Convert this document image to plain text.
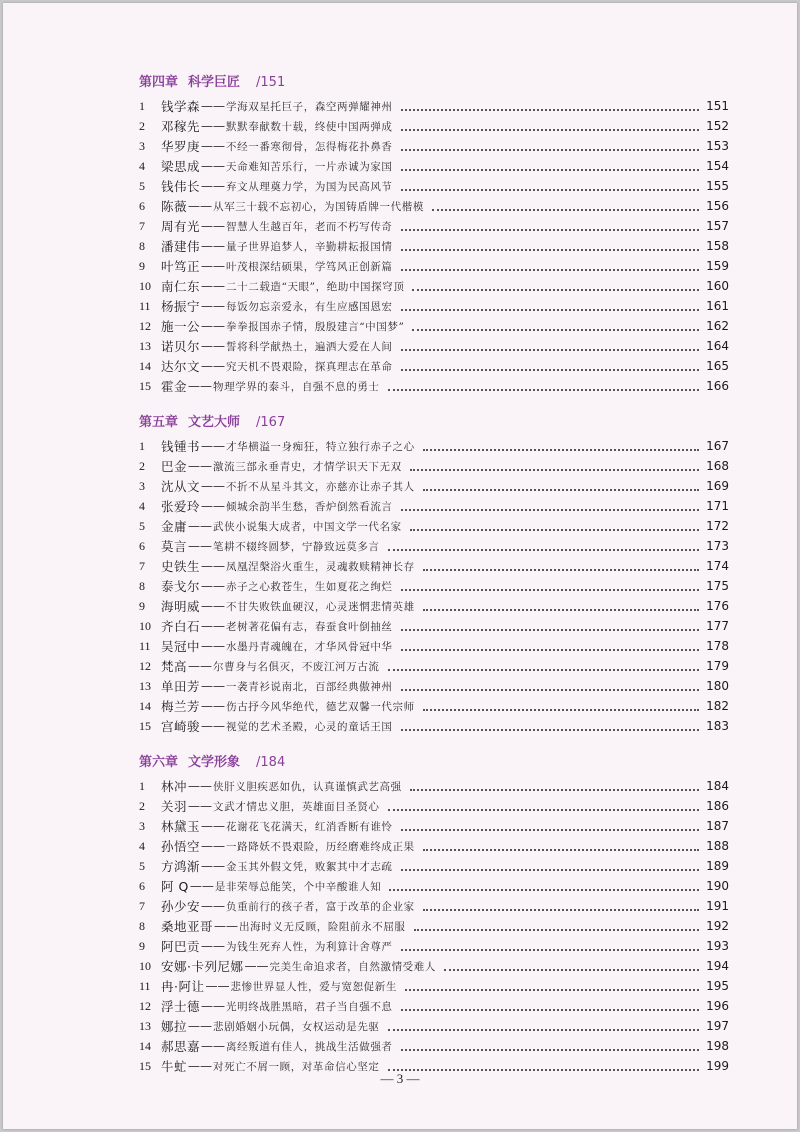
第四章 科学巨匠 /151
1	钱学森 —— 学海双星托巨子，森空两弹耀神州	151
2	邓稼先 —— 默默奉献数十载，终使中国两弹成	152
3	华罗庚 —— 不经一番寒彻骨，怎得梅花扑鼻香	153
4	梁思成 —— 天命难知苦乐行，一片赤诚为家国	154
5	钱伟长 —— 弃文从理奠力学，为国为民高风节	155
6	陈薇 —— 从军三十载不忘初心，为国铸盾牌一代楷模	156
7	周有光 —— 智慧人生越百年，老而不朽写传奇	157
8	潘建伟 —— 量子世界追梦人，辛勤耕耘报国情	158
9	叶笃正 —— 叶茂根深结硕果，学笃风正创新篇	159
10 南仁东 —— 二十二载造“天眼”，绝助中国探穹顶	160
11 杨振宁 —— 每饭勿忘亲爱永，有生应感国恩宏	161
12 施一公 —— 拳拳报国赤子情，殷殷建言“中国梦”	162
13 诺贝尔 —— 誓将科学献热土，遍洒大爱在人间	164
14 达尔文 —— 究天机不畏艰险，探真理志在革命	165
15 霍金 —— 物理学界的泰斗，自强不息的勇士	166
第五章 文艺大师 /167
1	钱锺书 —— 才华横溢一身痴狂，特立独行赤子之心	167
2	巴金 —— 激流三部永垂青史，才情学识天下无双	168
3	沈从文 —— 不折不从星斗其文，亦慈亦让赤子其人	169
4	张爱玲 —— 倾城余韵半生愁，香炉倒然看流言	171
5	金庸 —— 武侠小说集大成者，中国文学一代名家	172
6	莫言 —— 笔耕不辍终圆梦，宁静致远莫多言	173
7	史铁生 —— 凤凰涅槃浴火重生，灵魂救赎精神长存	174
8	泰戈尔 —— 赤子之心救苍生，生如夏花之绚烂	175
9	海明威 —— 不甘失败铁血硬汉，心灵迷惘悲情英雄	176
10 齐白石 —— 老树著花偏有志，春蚕食叶倒抽丝	177
11 吴冠中 —— 水墨丹青魂魄在，才华风骨冠中华	178
12 梵高 —— 尔曹身与名俱灭，不废江河万古流	179
13 单田芳 —— 一袭青衫说南北，百部经典傲神州	180
14 梅兰芳 —— 伤古抒今风华绝代，德艺双馨一代宗师	182
15 宫崎骏 —— 视觉的艺术圣殿，心灵的童话王国	183
第六章 文学形象 /184
1	林冲 —— 侠肝义胆疾恶如仇，认真谨慎武艺高强	184
2	关羽 —— 文武才情忠义胆，英雄面目圣贤心	186
3	林黛玉 —— 花谢花飞花满天，红消香断有谁怜	187
4	孙悟空 —— 一路降妖不畏艰险，历经磨难终成正果	188
5	方鸿渐 —— 金玉其外假文凭，败絮其中才志疏	189
6	阿 Q —— 是非荣辱总能笑，个中辛酸谁人知	190
7	孙少安 —— 负重前行的孩子者，富于改革的企业家	191
8	桑地亚哥 —— 出海时义无反顾，险阻前永不屈服	192
9	阿巴贡 —— 为钱生死弃人性，为利算计舍尊严	193
10 安娜·卡列尼娜 —— 完美生命追求者，自然激情受难人	194
11 冉·阿让 —— 悲惨世界显人性，爱与宽恕促新生	195
12 浮士德 —— 光明终战胜黑暗，君子当自强不息	196
13 娜拉 —— 悲剧婚姻小玩偶，女权运动是先驱	197
14 郝思嘉 —— 离经叛道有佳人，挑战生活做强者	198
15 牛虻 —— 对死亡不屑一顾，对革命信心坚定	199
— 3 —
